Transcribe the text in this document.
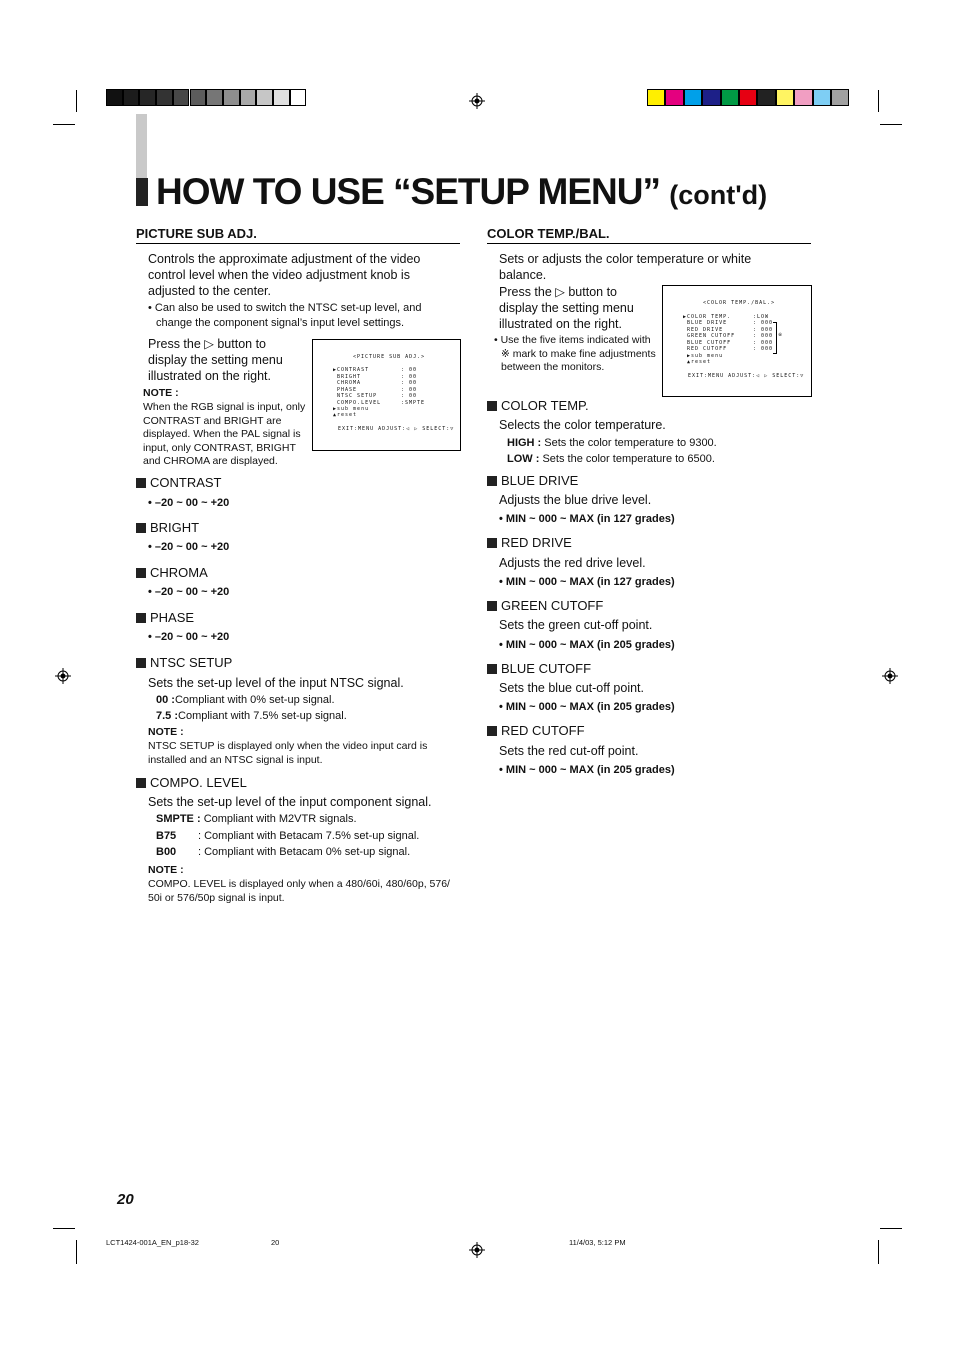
HOW TO USE “SETUP MENU” (cont'd)
PICTURE SUB ADJ.
Controls the approximate adjustment of the video
control level when the video adjustment knob is
adjusted to the center.
• Can also be used to switch the NTSC set-up level, and
change the component signal’s input level settings.
Press the ▷ button to
display the setting menu
illustrated on the right.
NOTE :
When the RGB signal is input, only
CONTRAST and BRIGHT are
displayed. When the PAL signal is
input, only CONTRAST, BRIGHT
and CHROMA are displayed.
<PICTURE SUB ADJ.>
▶CONTRAST	: 00
BRIGHT	: 00
CHROMA	: 00
PHASE	: 00
NTSC SETUP	: 00
COMPO.LEVEL	:SMPTE
▶sub menu
▲reset
EXIT:MENU ADJUST:◁ ▷ SELECT:▽
CONTRAST
• –20 ~ 00 ~ +20
BRIGHT
• –20 ~ 00 ~ +20
CHROMA
• –20 ~ 00 ~ +20
PHASE
• –20 ~ 00 ~ +20
NTSC SETUP
Sets the set-up level of the input NTSC signal.
00 :Compliant with 0% set-up signal.
7.5 :Compliant with 7.5% set-up signal.
NOTE :
NTSC SETUP is displayed only when the video input card is
installed and an NTSC signal is input.
COMPO. LEVEL
Sets the set-up level of the input component signal.
SMPTE : Compliant with M2VTR signals.
B75 : Compliant with Betacam 7.5% set-up signal.
B00 : Compliant with Betacam 0% set-up signal.
NOTE :
COMPO. LEVEL is displayed only when a 480/60i, 480/60p, 576/
50i or 576/50p signal is input.
COLOR TEMP./BAL.
Sets or adjusts the color temperature or white
balance.
Press the ▷ button to
display the setting menu
illustrated on the right.
• Use the five items indicated with
※ mark to make fine adjustments
between the monitors.
<COLOR TEMP./BAL.>
▶COLOR TEMP.	:LOW
BLUE DRIVE	: 000
RED DRIVE	: 000
GREEN CUTOFF	: 000
BLUE CUTOFF	: 000
RED CUTOFF	: 000
▶sub menu
▲reset
※
EXIT:MENU ADJUST:◁ ▷ SELECT:▽
COLOR TEMP.
Selects the color temperature.
HIGH : Sets the color temperature to 9300.
LOW : Sets the color temperature to 6500.
BLUE DRIVE
Adjusts the blue drive level.
• MIN ~ 000 ~ MAX (in 127 grades)
RED DRIVE
Adjusts the red drive level.
• MIN ~ 000 ~ MAX (in 127 grades)
GREEN CUTOFF
Sets the green cut-off point.
• MIN ~ 000 ~ MAX (in 205 grades)
BLUE CUTOFF
Sets the blue cut-off point.
• MIN ~ 000 ~ MAX (in 205 grades)
RED CUTOFF
Sets the red cut-off point.
• MIN ~ 000 ~ MAX (in 205 grades)
20
LCT1424-001A_EN_p18-32	20	11/4/03, 5:12 PM
